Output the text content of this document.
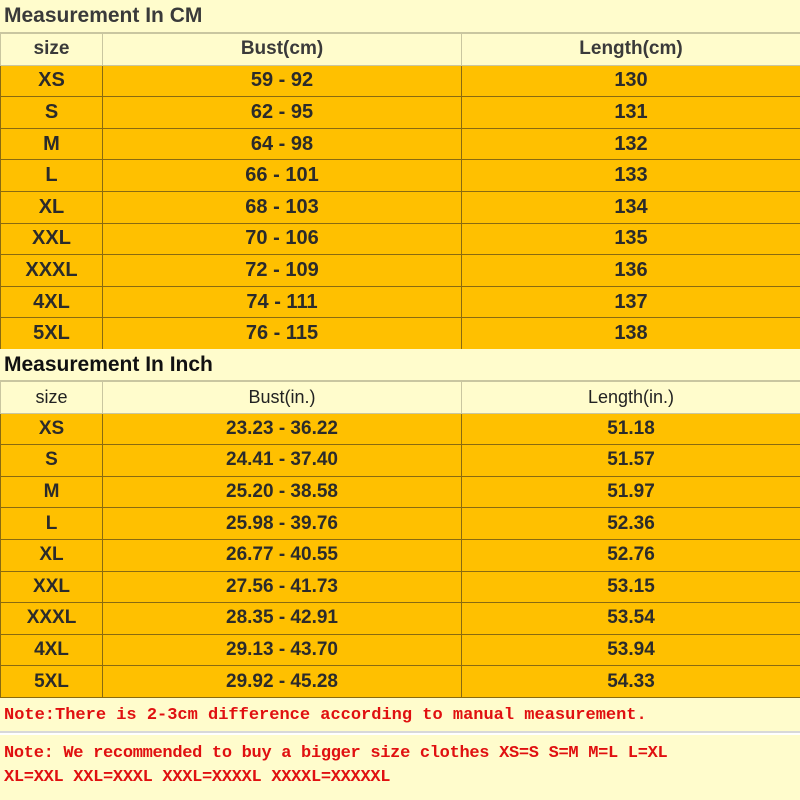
Measurement In CM
size	Bust(cm)	Length(cm)
XS	59 - 92	130
S	62 - 95	131
M	64 - 98	132
L	66 - 101	133
XL	68 - 103	134
XXL	70 - 106	135
XXXL	72 - 109	136
4XL	74 - 111	137
5XL	76 - 115	138
Measurement In Inch
size	Bust(in.)	Length(in.)
XS	23.23 - 36.22	51.18
S	24.41 - 37.40	51.57
M	25.20 - 38.58	51.97
L	25.98 - 39.76	52.36
XL	26.77 - 40.55	52.76
XXL	27.56 - 41.73	53.15
XXXL	28.35 - 42.91	53.54
4XL	29.13 - 43.70	53.94
5XL	29.92 - 45.28	54.33
Note:There is 2-3cm difference according to manual measurement.
Note: We recommended to buy a bigger size clothes XS=S S=M M=L L=XL
XL=XXL XXL=XXXL XXXL=XXXXL XXXXL=XXXXXL
